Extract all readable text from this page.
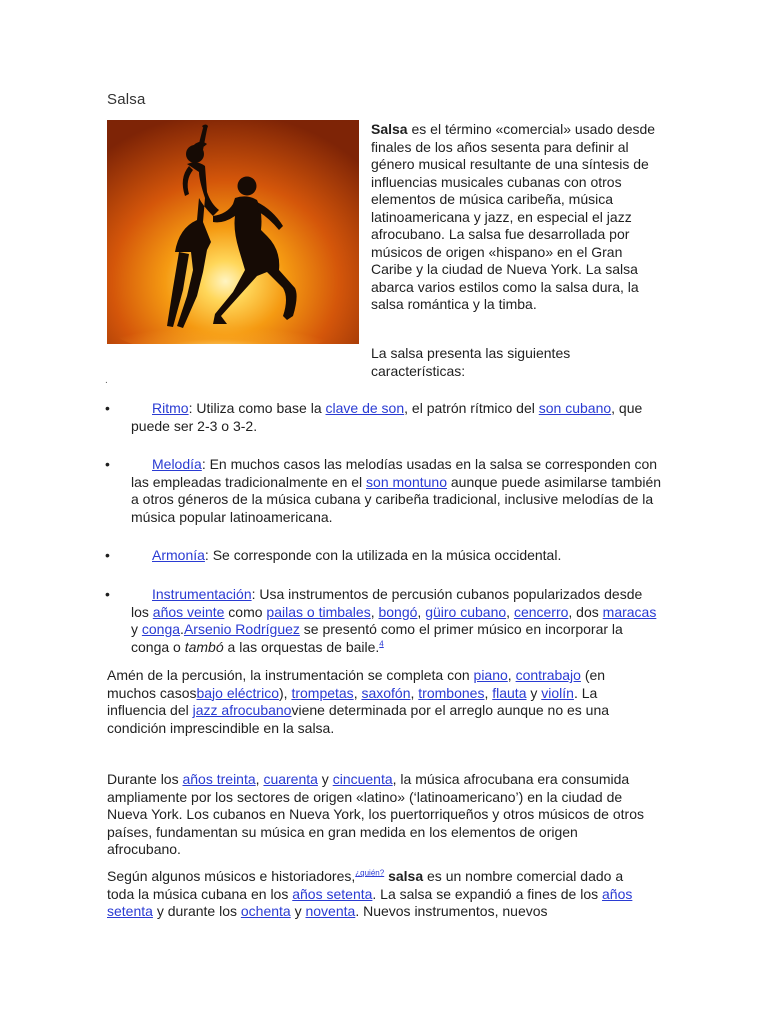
Salsa

Salsa es el término «comercial» usado desde finales de los años sesenta para definir al género musical resultante de una síntesis de influencias musicales cubanas con otros elementos de música caribeña, música latinoamericana y jazz, en especial el jazz afrocubano. La salsa fue desarrollada por músicos de origen «hispano» en el Gran Caribe y la ciudad de Nueva York. La salsa abarca varios estilos como la salsa dura, la salsa romántica y la timba.

La salsa presenta las siguientes características:

.
•	Ritmo: Utiliza como base la clave de son, el patrón rítmico del son cubano, que puede ser 2-3 o 3-2.
•	Melodía: En muchos casos las melodías usadas en la salsa se corresponden con las empleadas tradicionalmente en el son montuno aunque puede asimilarse también a otros géneros de la música cubana y caribeña tradicional, inclusive melodías de la música popular latinoamericana.
•	Armonía: Se corresponde con la utilizada en la música occidental.
•	Instrumentación: Usa instrumentos de percusión cubanos popularizados desde los años veinte como pailas o timbales, bongó, güiro cubano, cencerro, dos maracas y conga.Arsenio Rodríguez se presentó como el primer músico en incorporar la conga o tambó a las orquestas de baile.$^4$

Amén de la percusión, la instrumentación se completa con piano, contrabajo (en muchos casosbajo eléctrico), trompetas, saxofón, trombones, flauta y violín. La influencia del jazz afrocubanoviene determinada por el arreglo aunque no es una condición imprescindible en la salsa.

Durante los años treinta, cuarenta y cincuenta, la música afrocubana era consumida ampliamente por los sectores de origen «latino» (‘latinoamericano’) en la ciudad de Nueva York. Los cubanos en Nueva York, los puertorriqueños y otros músicos de otros países, fundamentan su música en gran medida en los elementos de origen afrocubano.

Según algunos músicos e historiadores,$^{¿quién?}$ salsa es un nombre comercial dado a toda la música cubana en los años setenta. La salsa se expandió a fines de los años setenta y durante los ochenta y noventa. Nuevos instrumentos, nuevos
